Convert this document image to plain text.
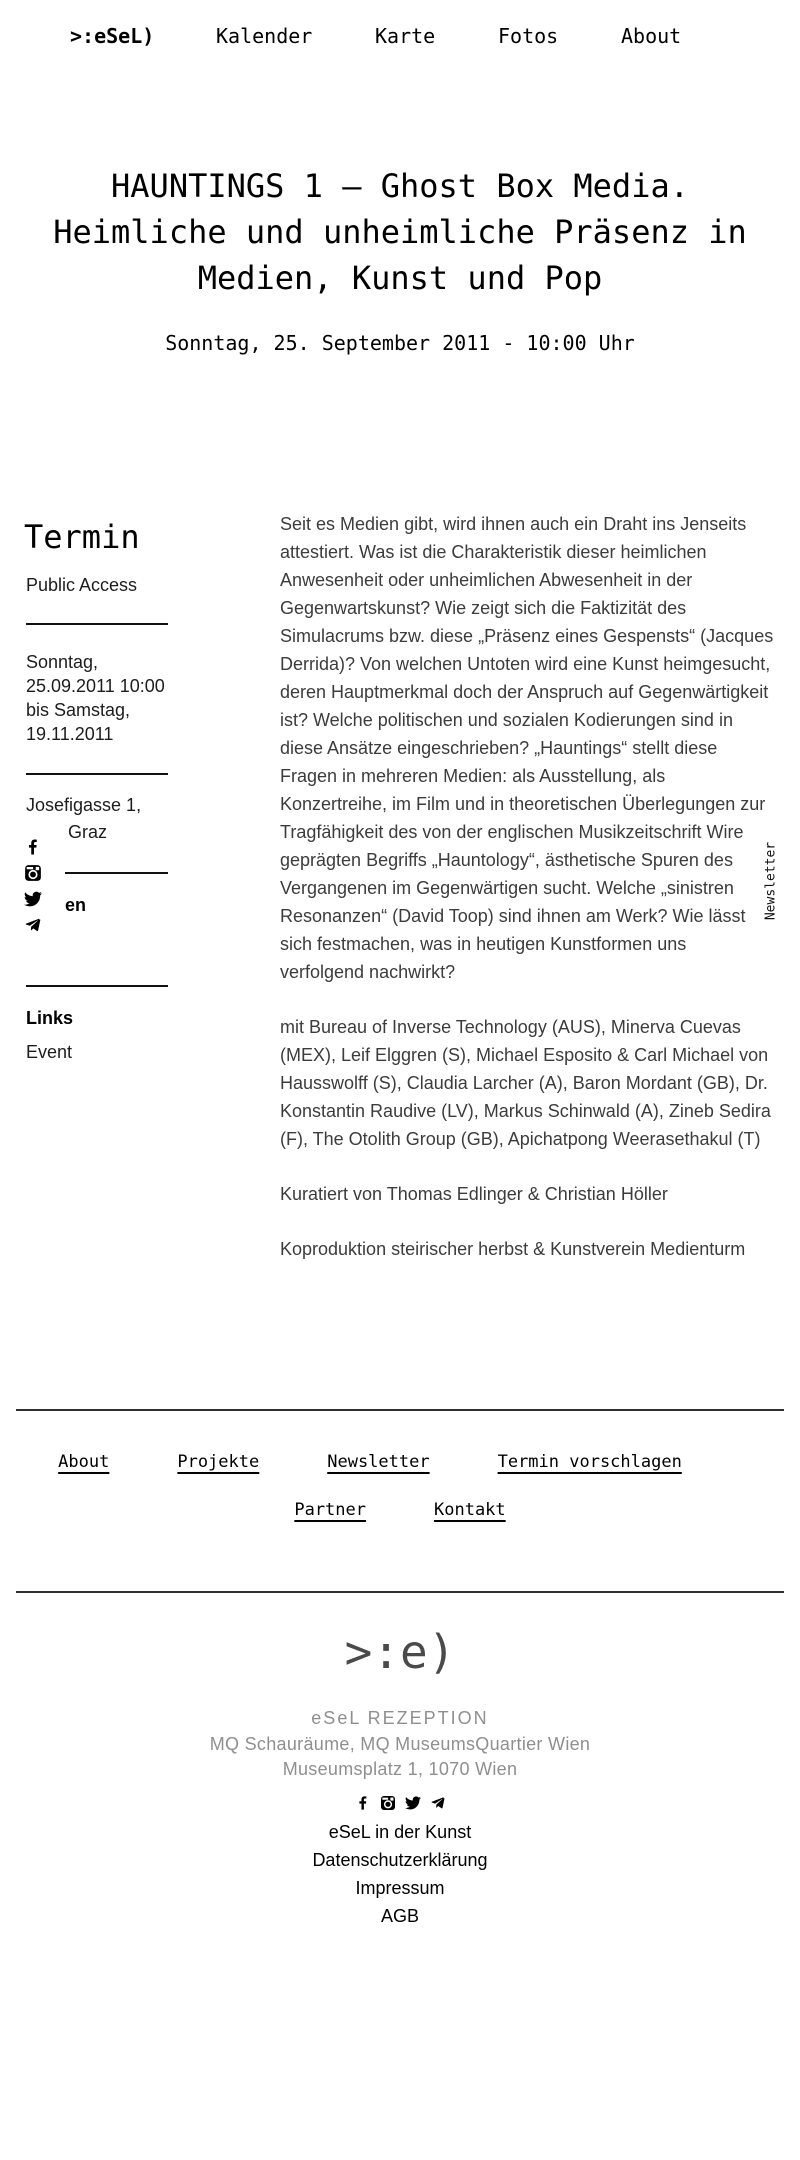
>:eSeL)	Kalender	Karte	Fotos	About
HAUNTINGS 1 – Ghost Box Media.
Heimliche und unheimliche Präsenz in
Medien, Kunst und Pop
Sonntag, 25. September 2011 - 10:00 Uhr
Termin
Public Access
Sonntag,
25.09.2011 10:00
bis Samstag,
19.11.2011
Josefigasse 1,
Graz
en
Links
Event

Seit es Medien gibt, wird ihnen auch ein Draht ins Jenseits attestiert. Was ist die Charakteristik dieser heimlichen Anwesenheit oder unheimlichen Abwesenheit in der Gegenwartskunst? Wie zeigt sich die Faktizität des Simulacrums bzw. diese „Präsenz eines Gespensts“ (Jacques Derrida)? Von welchen Untoten wird eine Kunst heimgesucht, deren Hauptmerkmal doch der Anspruch auf Gegenwärtigkeit ist? Welche politischen und sozialen Kodierungen sind in diese Ansätze eingeschrieben? „Hauntings“ stellt diese Fragen in mehreren Medien: als Ausstellung, als Konzertreihe, im Film und in theoretischen Überlegungen zur Tragfähigkeit des von der englischen Musikzeitschrift Wire geprägten Begriffs „Hauntology“, ästhetische Spuren des Vergangenen im Gegenwärtigen sucht. Welche „sinistren Resonanzen“ (David Toop) sind ihnen am Werk? Wie lässt sich festmachen, was in heutigen Kunstformen uns verfolgend nachwirkt?

mit Bureau of Inverse Technology (AUS), Minerva Cuevas (MEX), Leif Elggren (S), Michael Esposito & Carl Michael von Hausswolff (S), Claudia Larcher (A), Baron Mordant (GB), Dr. Konstantin Raudive (LV), Markus Schinwald (A), Zineb Sedira (F), The Otolith Group (GB), Apichatpong Weerasethakul (T)

Kuratiert von Thomas Edlinger & Christian Höller

Koproduktion steirischer herbst & Kunstverein Medienturm

Newsletter
About	Projekte	Newsletter	Termin vorschlagen
Partner	Kontakt
>:e)
eSeL REZEPTION
MQ Schauräume, MQ MuseumsQuartier Wien
Museumsplatz 1, 1070 Wien
eSeL in der Kunst
Datenschutzerklärung
Impressum
AGB
